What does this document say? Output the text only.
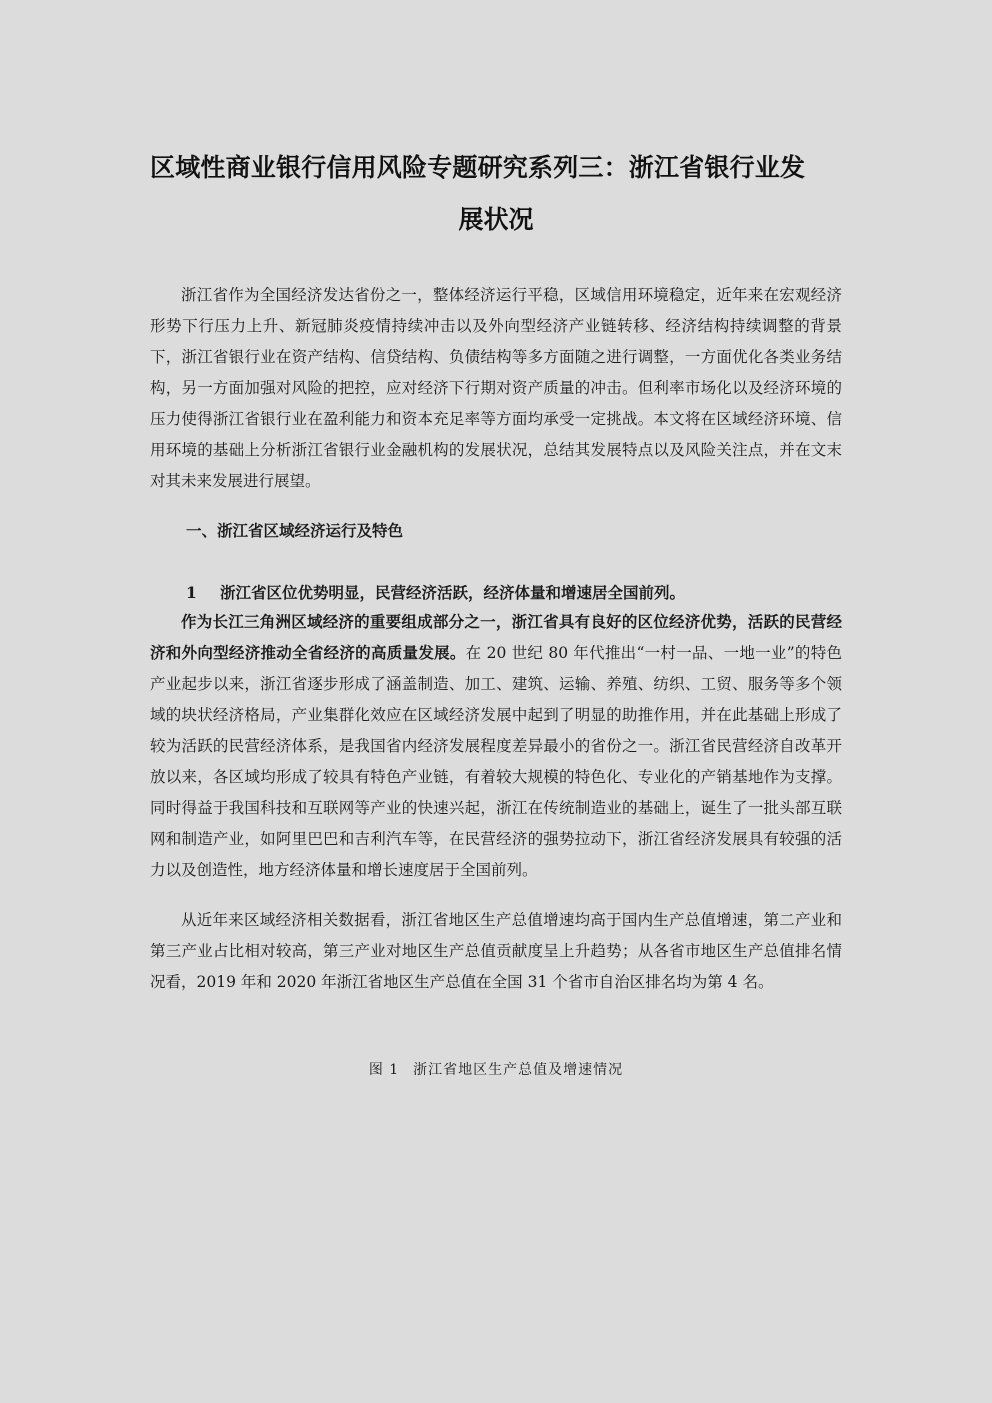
区域性商业银行信用风险专题研究系列三：浙江省银行业发
展状况

浙江省作为全国经济发达省份之一，整体经济运行平稳，区域信用环境稳定，近年来在宏观经济形势下行压力上升、新冠肺炎疫情持续冲击以及外向型经济产业链转移、经济结构持续调整的背景下，浙江省银行业在资产结构、信贷结构、负债结构等多方面随之进行调整，一方面优化各类业务结构，另一方面加强对风险的把控，应对经济下行期对资产质量的冲击。但利率市场化以及经济环境的压力使得浙江省银行业在盈利能力和资本充足率等方面均承受一定挑战。本文将在区域经济环境、信用环境的基础上分析浙江省银行业金融机构的发展状况，总结其发展特点以及风险关注点，并在文末对其未来发展进行展望。

一、浙江省区域经济运行及特色
1 浙江省区位优势明显，民营经济活跃，经济体量和增速居全国前列。

作为长江三角洲区域经济的重要组成部分之一，浙江省具有良好的区位经济优势，活跃的民营经济和外向型经济推动全省经济的高质量发展。在 20 世纪 80 年代推出“一村一品、一地一业”的特色产业起步以来，浙江省逐步形成了涵盖制造、加工、建筑、运输、养殖、纺织、工贸、服务等多个领域的块状经济格局，产业集群化效应在区域经济发展中起到了明显的助推作用，并在此基础上形成了较为活跃的民营经济体系，是我国省内经济发展程度差异最小的省份之一。浙江省民营经济自改革开放以来，各区域均形成了较具有特色产业链，有着较大规模的特色化、专业化的产销基地作为支撑。同时得益于我国科技和互联网等产业的快速兴起，浙江在传统制造业的基础上，诞生了一批头部互联网和制造产业，如阿里巴巴和吉利汽车等，在民营经济的强势拉动下，浙江省经济发展具有较强的活力以及创造性，地方经济体量和增长速度居于全国前列。

从近年来区域经济相关数据看，浙江省地区生产总值增速均高于国内生产总值增速，第二产业和第三产业占比相对较高，第三产业对地区生产总值贡献度呈上升趋势；从各省市地区生产总值排名情况看，2019 年和 2020 年浙江省地区生产总值在全国 31 个省市自治区排名均为第 4 名。

图 1 浙江省地区生产总值及增速情况
